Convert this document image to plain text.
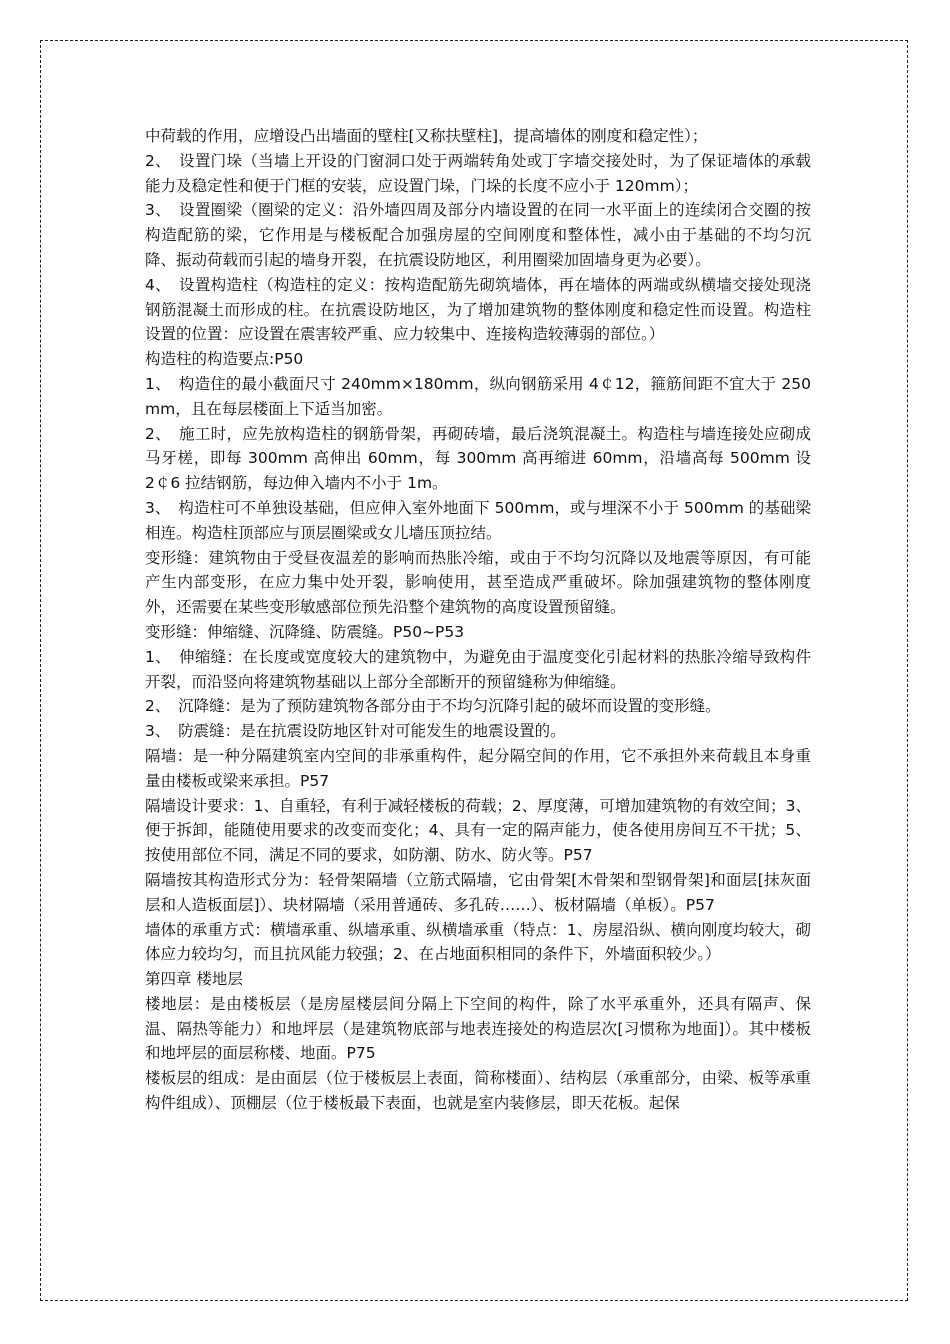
中荷载的作用，应增设凸出墙面的壁柱[又称扶壁柱]，提高墙体的刚度和稳定性）；

2、　设置门垛（当墙上开设的门窗洞口处于两端转角处或丁字墙交接处时，为了保证墙体的承载能力及稳定性和便于门框的安装，应设置门垛，门垛的长度不应小于 120mm）；

3、　设置圈梁（圈梁的定义：沿外墙四周及部分内墙设置的在同一水平面上的连续闭合交圈的按构造配筋的梁，它作用是与楼板配合加强房屋的空间刚度和整体性，减小由于基础的不均匀沉降、振动荷载而引起的墙身开裂，在抗震设防地区，利用圈梁加固墙身更为必要）。

4、　设置构造柱（构造柱的定义：按构造配筋先砌筑墙体，再在墙体的两端或纵横墙交接处现浇钢筋混凝土而形成的柱。在抗震设防地区，为了增加建筑物的整体刚度和稳定性而设置。构造柱设置的位置：应设置在震害较严重、应力较集中、连接构造较薄弱的部位。）

构造柱的构造要点:P50

1、　构造住的最小截面尺寸 240mm×180mm，纵向钢筋采用 4￠12，箍筋间距不宜大于 250mm，且在每层楼面上下适当加密。

2、　施工时，应先放构造柱的钢筋骨架，再砌砖墙，最后浇筑混凝土。构造柱与墙连接处应砌成马牙槎，即每 300mm 高伸出 60mm，每 300mm 高再缩进 60mm，沿墙高每 500mm 设 2￠6 拉结钢筋，每边伸入墙内不小于 1m。

3、　构造柱可不单独设基础，但应伸入室外地面下 500mm，或与埋深不小于 500mm 的基础梁相连。构造柱顶部应与顶层圈梁或女儿墙压顶拉结。

变形缝：建筑物由于受昼夜温差的影响而热胀冷缩，或由于不均匀沉降以及地震等原因，有可能产生内部变形，在应力集中处开裂，影响使用，甚至造成严重破坏。除加强建筑物的整体刚度外，还需要在某些变形敏感部位预先沿整个建筑物的高度设置预留缝。

变形缝：伸缩缝、沉降缝、防震缝。P50~P53

1、　伸缩缝：在长度或宽度较大的建筑物中，为避免由于温度变化引起材料的热胀冷缩导致构件开裂，而沿竖向将建筑物基础以上部分全部断开的预留缝称为伸缩缝。

2、　沉降缝：是为了预防建筑物各部分由于不均匀沉降引起的破坏而设置的变形缝。

3、　防震缝：是在抗震设防地区针对可能发生的地震设置的。

隔墙：是一种分隔建筑室内空间的非承重构件，起分隔空间的作用，它不承担外来荷载且本身重量由楼板或梁来承担。P57

隔墙设计要求：1、自重轻，有利于减轻楼板的荷载；2、厚度薄，可增加建筑物的有效空间；3、便于拆卸，能随使用要求的改变而变化；4、具有一定的隔声能力，使各使用房间互不干扰；5、按使用部位不同，满足不同的要求，如防潮、防水、防火等。P57

隔墙按其构造形式分为：轻骨架隔墙（立筋式隔墙，它由骨架[木骨架和型钢骨架]和面层[抹灰面层和人造板面层]）、块材隔墙（采用普通砖、多孔砖……）、板材隔墙（单板）。P57

墙体的承重方式：横墙承重、纵墙承重、纵横墙承重（特点：1、房屋沿纵、横向刚度均较大，砌体应力较均匀，而且抗风能力较强；2、在占地面积相同的条件下，外墙面积较少。）

第四章 楼地层

楼地层：是由楼板层（是房屋楼层间分隔上下空间的构件，除了水平承重外，还具有隔声、保温、隔热等能力）和地坪层（是建筑物底部与地表连接处的构造层次[习惯称为地面]）。其中楼板和地坪层的面层称楼、地面。P75

楼板层的组成：是由面层（位于楼板层上表面，简称楼面）、结构层（承重部分，由梁、板等承重构件组成）、顶棚层（位于楼板最下表面，也就是室内装修层，即天花板。起保
